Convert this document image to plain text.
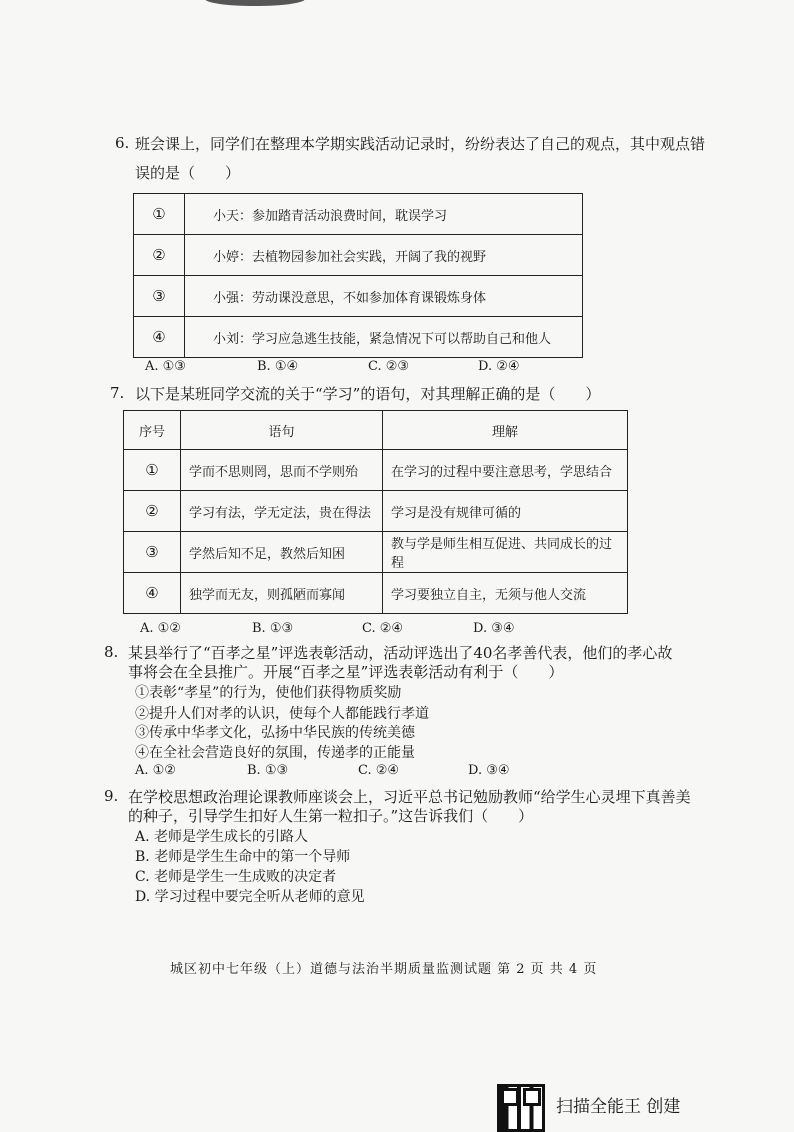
6. 班会课上，同学们在整理本学期实践活动记录时，纷纷表达了自己的观点，其中观点错
误的是（　　）
①	小天：参加踏青活动浪费时间，耽误学习
②	小婷：去植物园参加社会实践，开阔了我的视野
③	小强：劳动课没意思，不如参加体育课锻炼身体
④	小刘：学习应急逃生技能，紧急情况下可以帮助自己和他人
A. ①③	B. ①④	C. ②③	D. ②④
7. 以下是某班同学交流的关于“学习”的语句，对其理解正确的是（　　）
序号	语句	理解
①	学而不思则罔，思而不学则殆	在学习的过程中要注意思考，学思结合
②	学习有法，学无定法，贵在得法	学习是没有规律可循的
③	学然后知不足，教然后知困	教与学是师生相互促进、共同成长的过程
④	独学而无友，则孤陋而寡闻	学习要独立自主，无须与他人交流
A. ①②	B. ①③	C. ②④	D. ③④
8. 某县举行了“百孝之星”评选表彰活动，活动评选出了40名孝善代表，他们的孝心故
事将会在全县推广。开展“百孝之星”评选表彰活动有利于（　　）
①表彰“孝星”的行为，使他们获得物质奖励
②提升人们对孝的认识，使每个人都能践行孝道
③传承中华孝文化，弘扬中华民族的传统美德
④在全社会营造良好的氛围，传递孝的正能量
A. ①②	B. ①③	C. ②④	D. ③④
9. 在学校思想政治理论课教师座谈会上，习近平总书记勉励教师“给学生心灵埋下真善美
的种子，引导学生扣好人生第一粒扣子。”这告诉我们（　　）
A. 老师是学生成长的引路人
B. 老师是学生生命中的第一个导师
C. 老师是学生一生成败的决定者
D. 学习过程中要完全听从老师的意见
城区初中七年级（上）道德与法治半期质量监测试题 第 2 页 共 4 页
扫描全能王 创建
